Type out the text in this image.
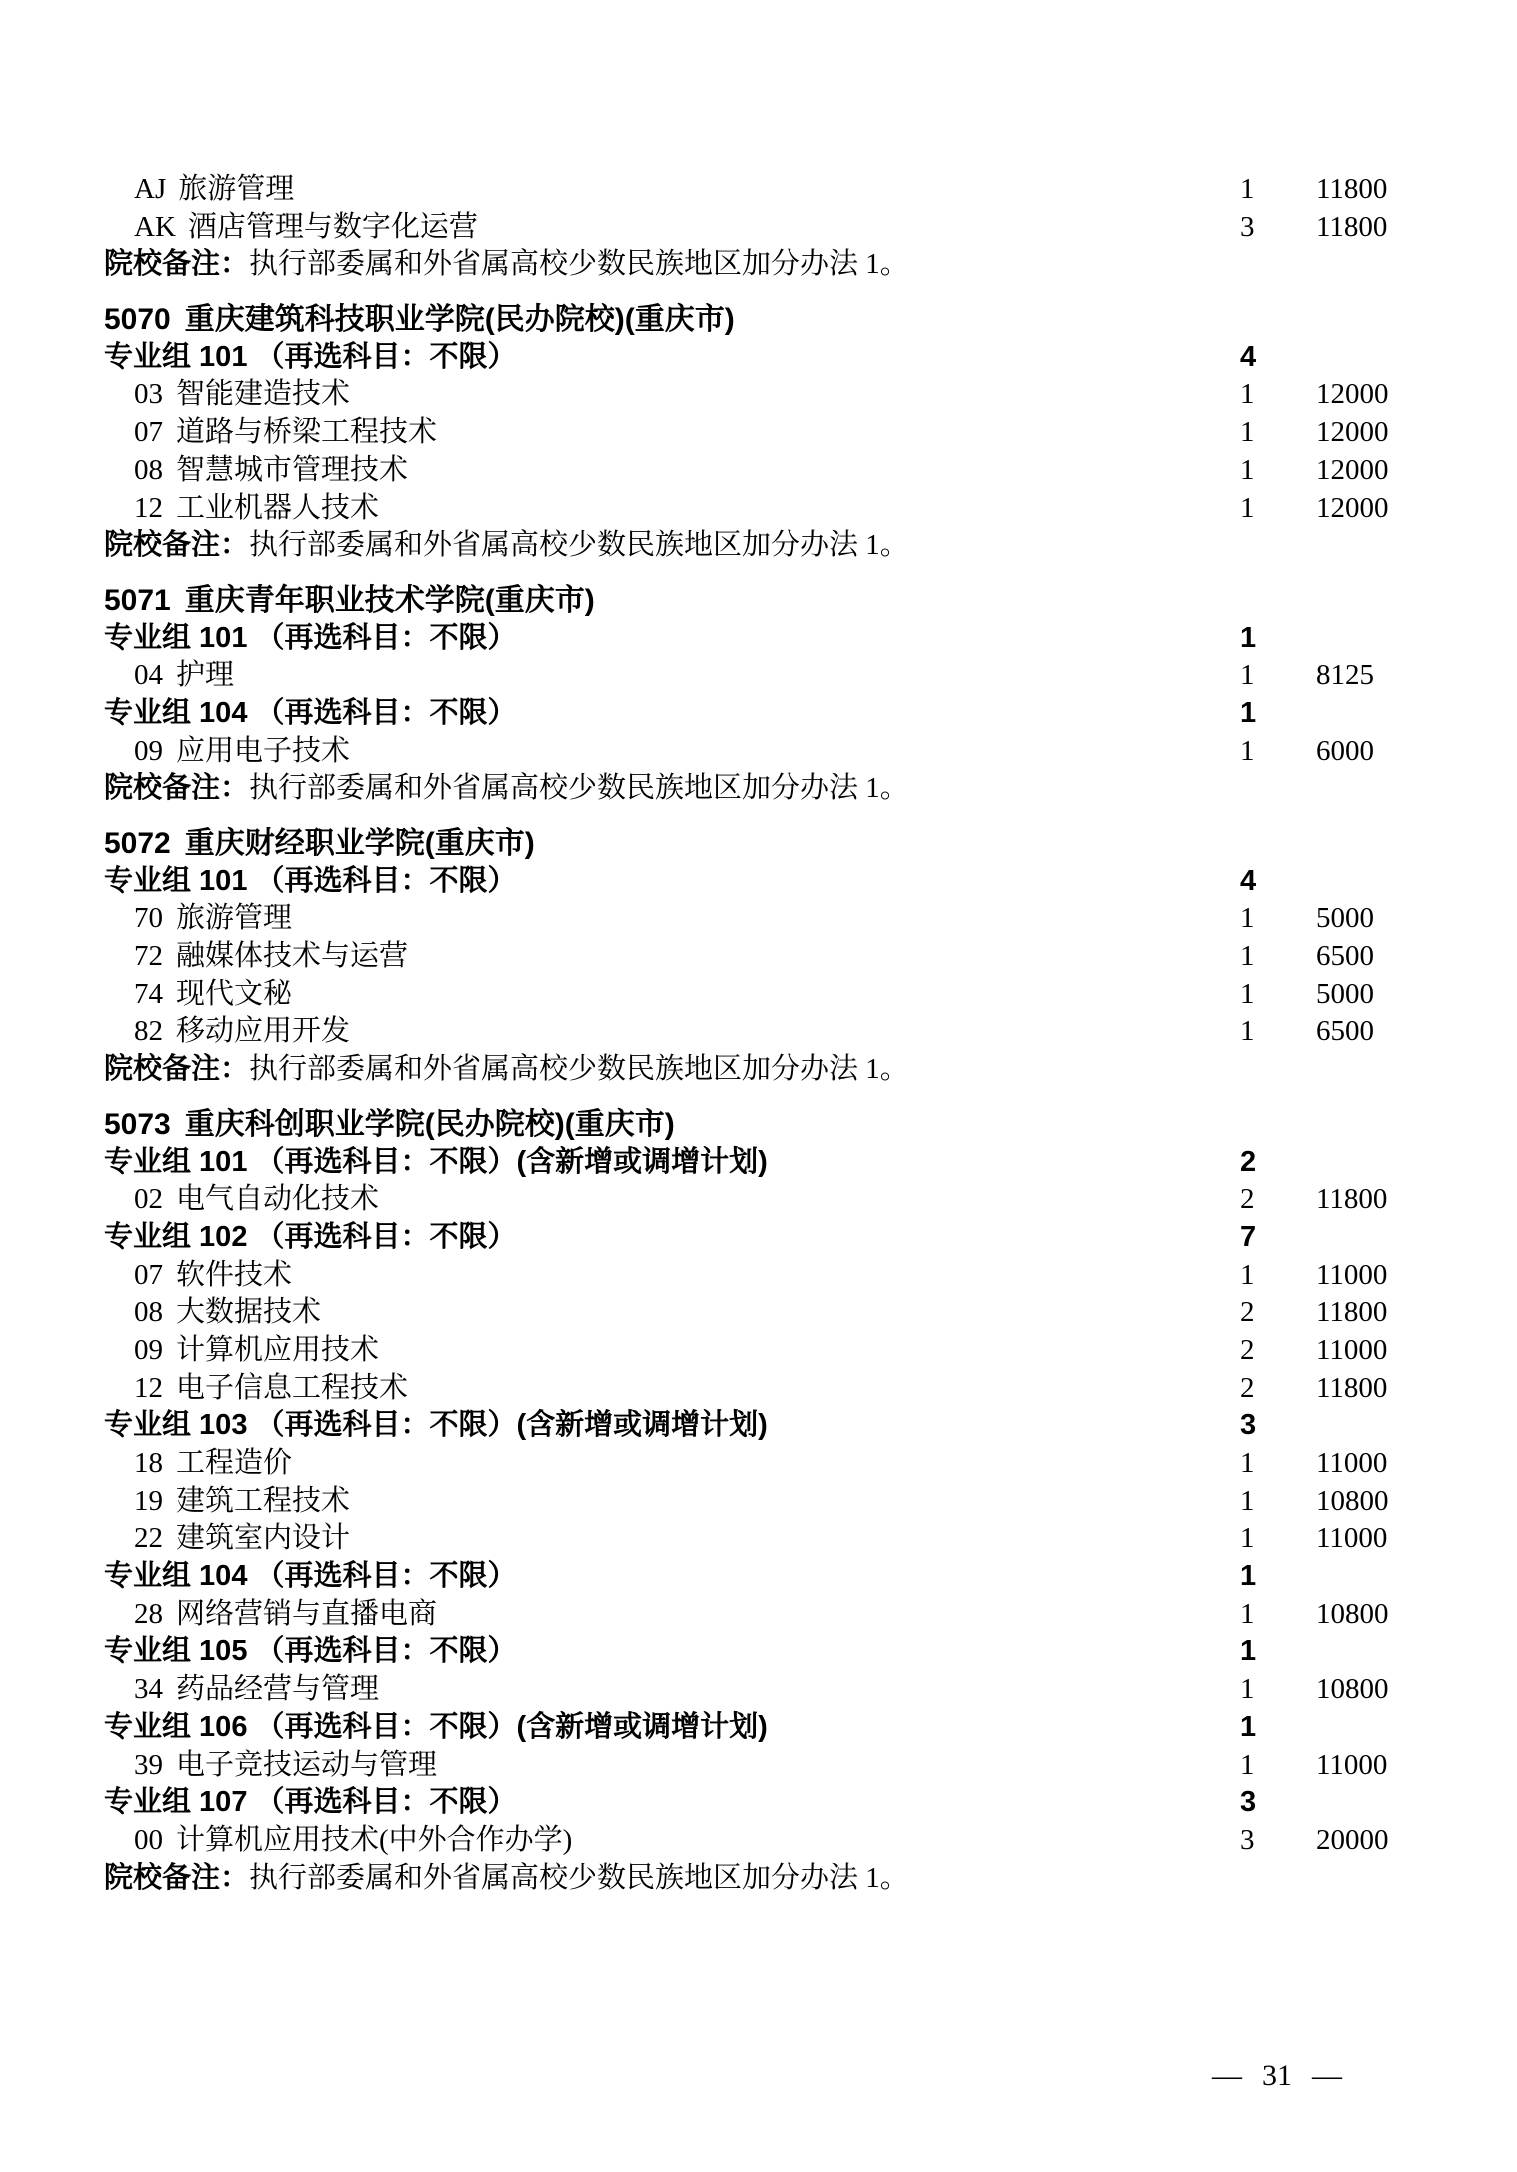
AJ 旅游管理	1 11800
AK 酒店管理与数字化运营	3 11800
院校备注：执行部委属和外省属高校少数民族地区加分办法 1。
5070 重庆建筑科技职业学院(民办院校)(重庆市)
专业组 101 （再选科目：不限）	4
03 智能建造技术	1 12000
07 道路与桥梁工程技术	1 12000
08 智慧城市管理技术	1 12000
12 工业机器人技术	1 12000
院校备注：执行部委属和外省属高校少数民族地区加分办法 1。
5071 重庆青年职业技术学院(重庆市)
专业组 101 （再选科目：不限）	1
04 护理	1 8125
专业组 104 （再选科目：不限）	1
09 应用电子技术	1 6000
院校备注：执行部委属和外省属高校少数民族地区加分办法 1。
5072 重庆财经职业学院(重庆市)
专业组 101 （再选科目：不限）	4
70 旅游管理	1 5000
72 融媒体技术与运营	1 6500
74 现代文秘	1 5000
82 移动应用开发	1 6500
院校备注：执行部委属和外省属高校少数民族地区加分办法 1。
5073 重庆科创职业学院(民办院校)(重庆市)
专业组 101 （再选科目：不限）(含新增或调增计划)	2
02 电气自动化技术	2 11800
专业组 102 （再选科目：不限）	7
07 软件技术	1 11000
08 大数据技术	2 11800
09 计算机应用技术	2 11000
12 电子信息工程技术	2 11800
专业组 103 （再选科目：不限）(含新增或调增计划)	3
18 工程造价	1 11000
19 建筑工程技术	1 10800
22 建筑室内设计	1 11000
专业组 104 （再选科目：不限）	1
28 网络营销与直播电商	1 10800
专业组 105 （再选科目：不限）	1
34 药品经营与管理	1 10800
专业组 106 （再选科目：不限）(含新增或调增计划)	1
39 电子竞技运动与管理	1 11000
专业组 107 （再选科目：不限）	3
00 计算机应用技术(中外合作办学)	3 20000
院校备注：执行部委属和外省属高校少数民族地区加分办法 1。
— 31 —
